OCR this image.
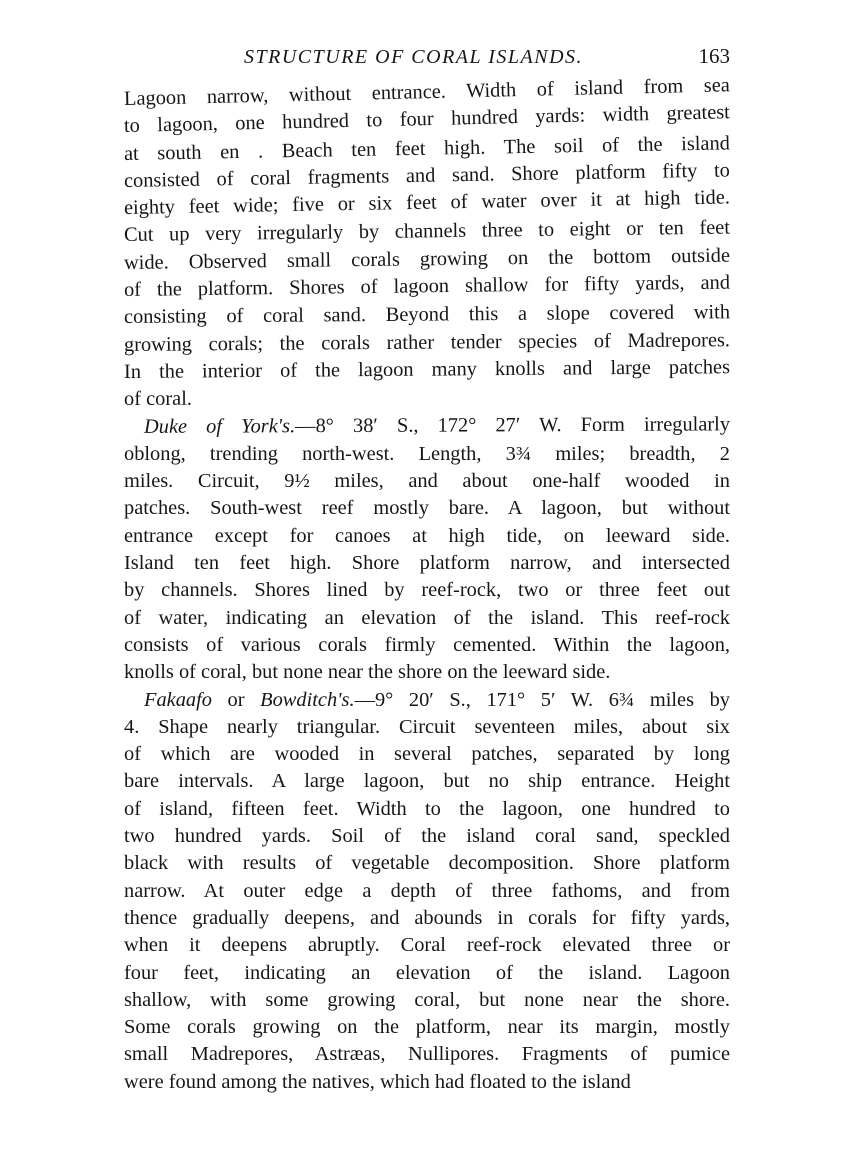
STRUCTURE OF CORAL ISLANDS.	163
Lagoon narrow, without entrance. Width of island from sea
to lagoon, one hundred to four hundred yards: width greatest
at south en . Beach ten feet high. The soil of the island
consisted of coral fragments and sand. Shore platform fifty to
eighty feet wide; five or six feet of water over it at high tide.
Cut up very irregularly by channels three to eight or ten feet
wide. Observed small corals growing on the bottom outside
of the platform. Shores of lagoon shallow for fifty yards, and
consisting of coral sand. Beyond this a slope covered with
growing corals; the corals rather tender species of Madrepores.
In the interior of the lagoon many knolls and large patches
of coral.
Duke of York's.—8° 38′ S., 172° 27′ W. Form irregularly
oblong, trending north-west. Length, 3¾ miles; breadth, 2
miles. Circuit, 9½ miles, and about one-half wooded in
patches. South-west reef mostly bare. A lagoon, but without
entrance except for canoes at high tide, on leeward side.
Island ten feet high. Shore platform narrow, and intersected
by channels. Shores lined by reef-rock, two or three feet out
of water, indicating an elevation of the island. This reef-rock
consists of various corals firmly cemented. Within the lagoon,
knolls of coral, but none near the shore on the leeward side.
Fakaafo or Bowditch's.—9° 20′ S., 171° 5′ W. 6¾ miles by
4. Shape nearly triangular. Circuit seventeen miles, about six
of which are wooded in several patches, separated by long
bare intervals. A large lagoon, but no ship entrance. Height
of island, fifteen feet. Width to the lagoon, one hundred to
two hundred yards. Soil of the island coral sand, speckled
black with results of vegetable decomposition. Shore platform
narrow. At outer edge a depth of three fathoms, and from
thence gradually deepens, and abounds in corals for fifty yards,
when it deepens abruptly. Coral reef-rock elevated three or
four feet, indicating an elevation of the island. Lagoon
shallow, with some growing coral, but none near the shore.
Some corals growing on the platform, near its margin, mostly
small Madrepores, Astræas, Nullipores. Fragments of pumice
were found among the natives, which had floated to the island
